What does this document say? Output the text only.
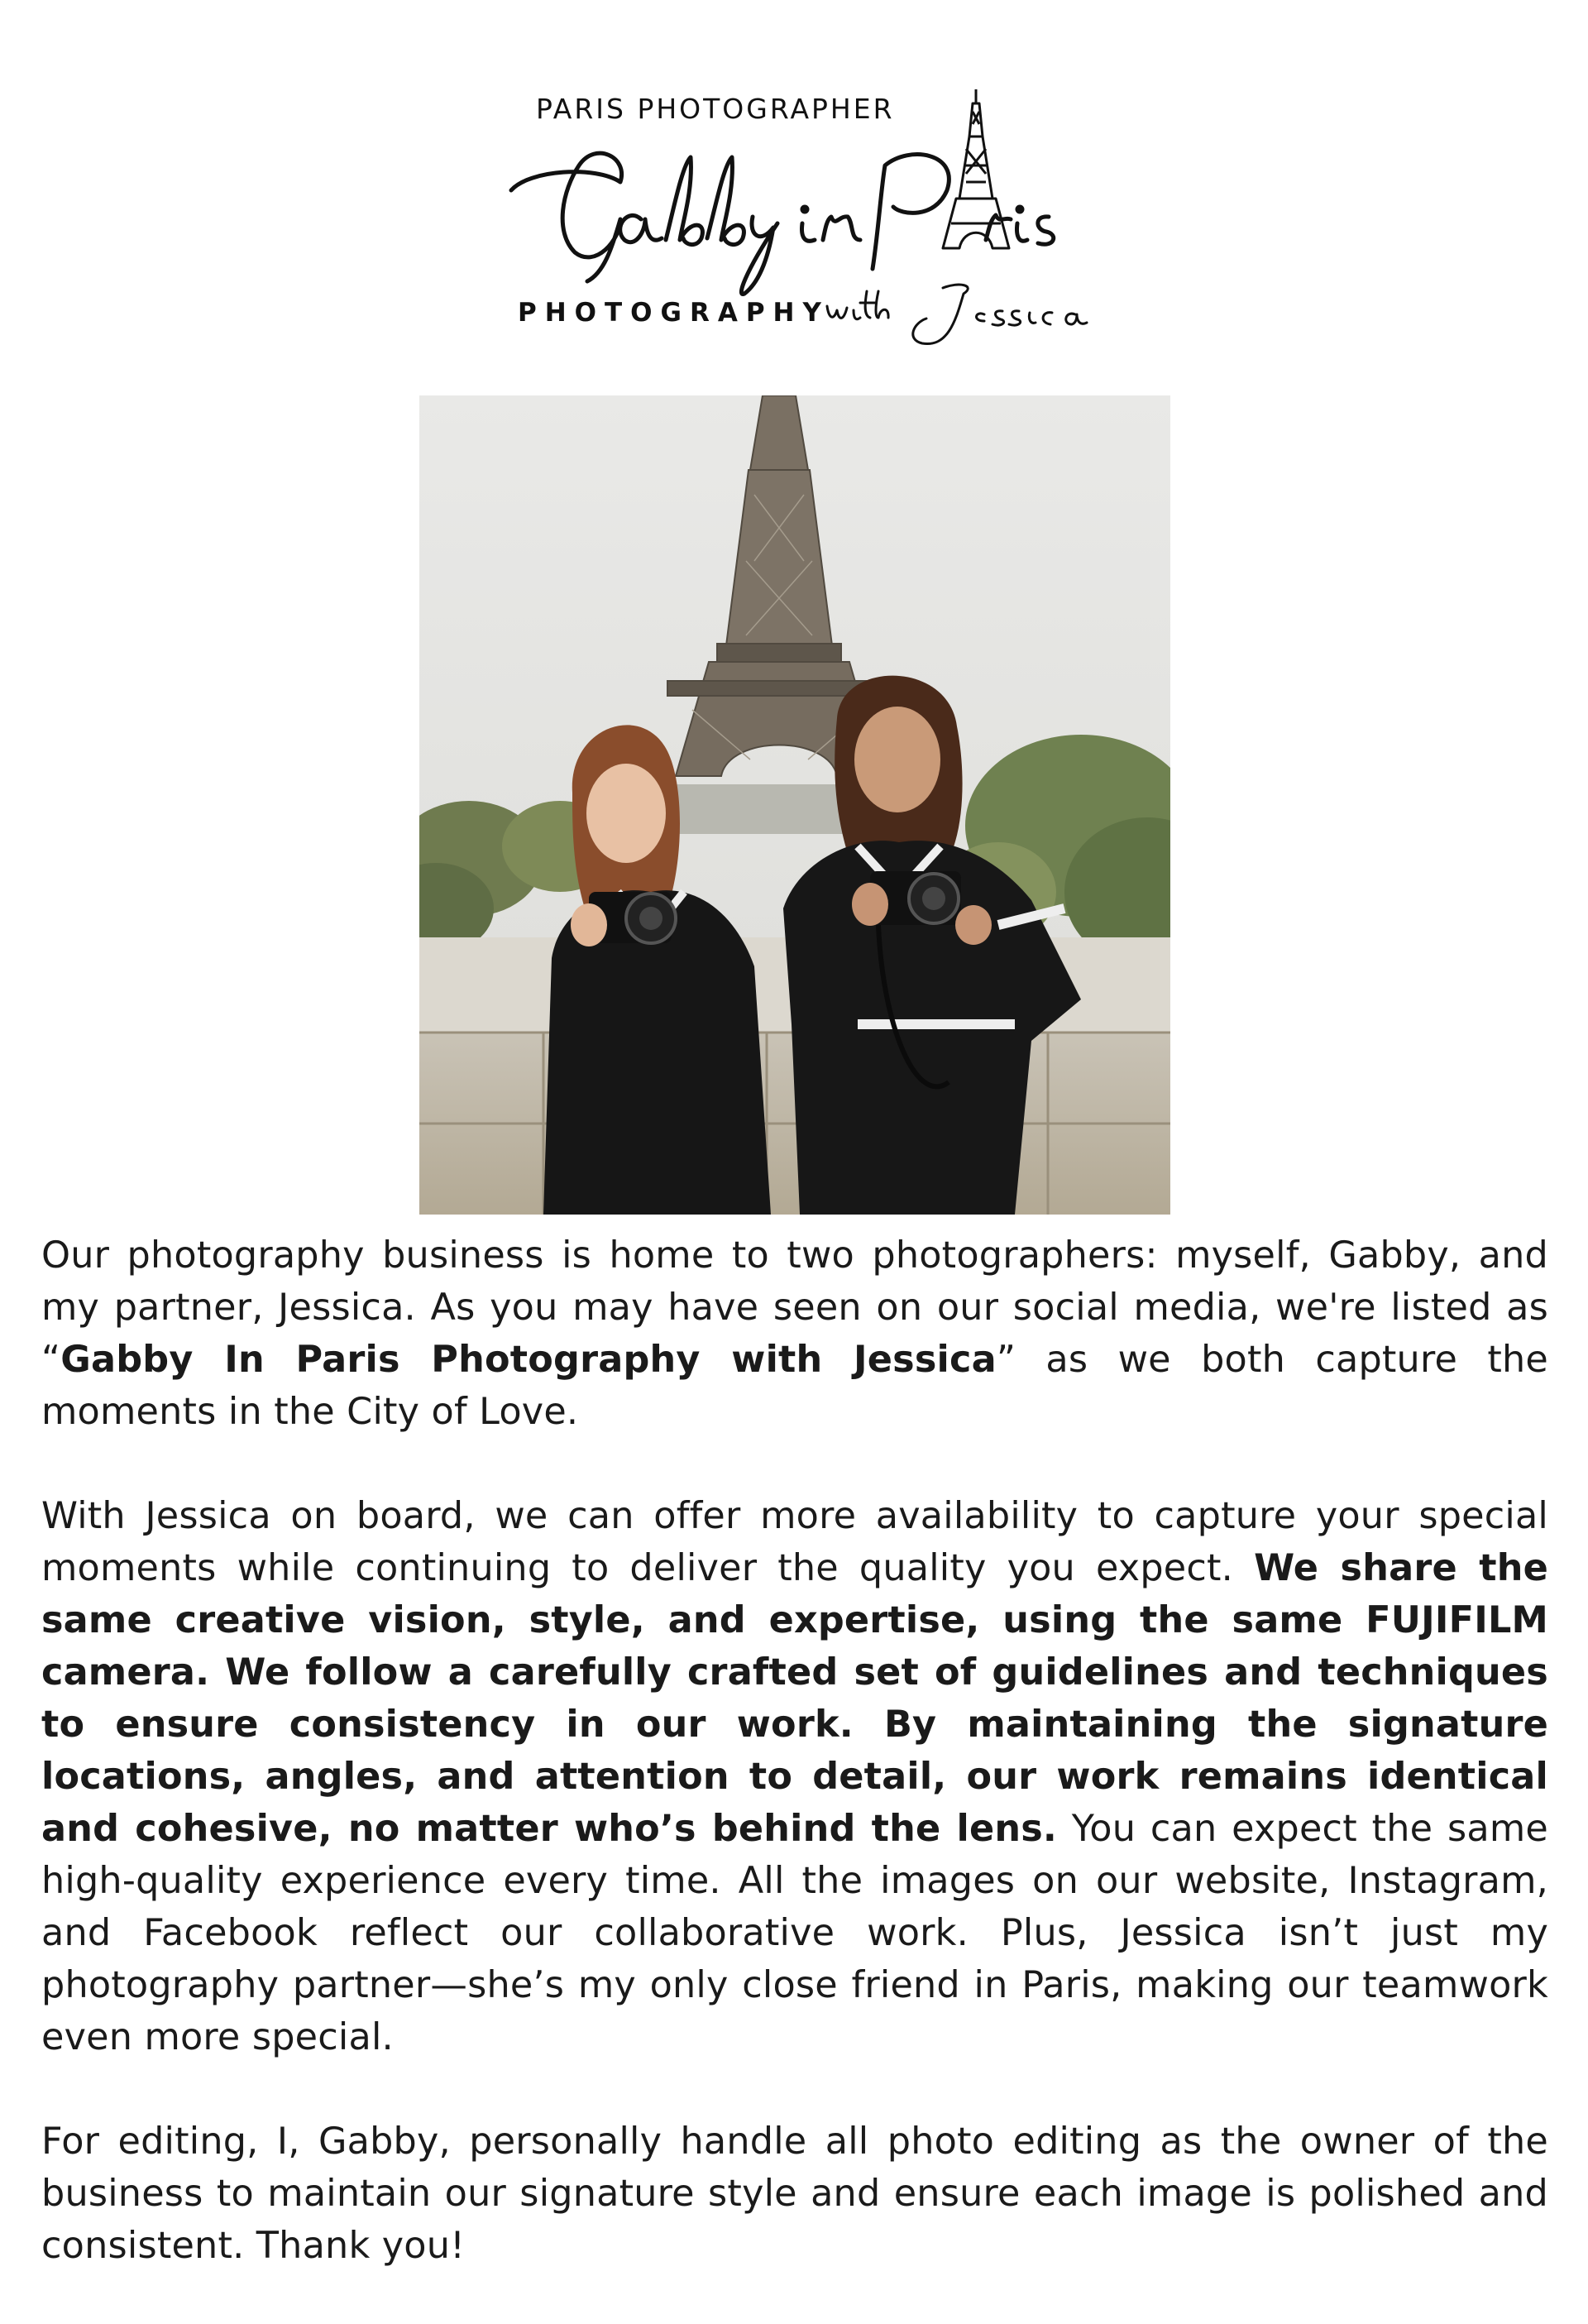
PARIS PHOTOGRAPHER
PHOTOGRAPHY

Our photography business is home to two photographers: myself, Gabby, and my partner, Jessica. As you may have seen on our social media, we're listed as “Gabby In Paris Photography with Jessica” as we both capture the moments in the City of Love.

With Jessica on board, we can offer more availability to capture your special moments while continuing to deliver the quality you expect. We share the same creative vision, style, and expertise, using the same FUJIFILM camera. We follow a carefully crafted set of guidelines and techniques to ensure consistency in our work. By maintaining the signature locations, angles, and attention to detail, our work remains identical and cohesive, no matter who’s behind the lens. You can expect the same high-quality experience every time. All the images on our website, Instagram, and Facebook reflect our collaborative work. Plus, Jessica isn’t just my photography partner—she’s my only close friend in Paris, making our teamwork even more special.

For editing, I, Gabby, personally handle all photo editing as the owner of the business to maintain our signature style and ensure each image is polished and consistent. Thank you!
